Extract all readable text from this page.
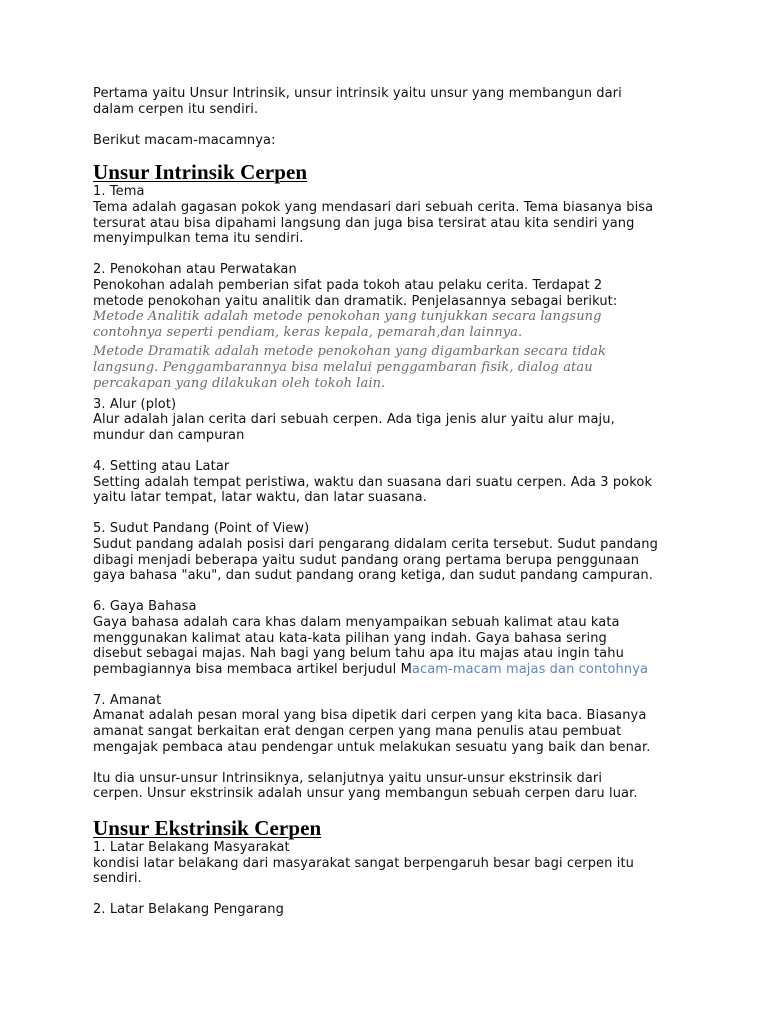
Pertama yaitu Unsur Intrinsik, unsur intrinsik yaitu unsur yang membangun dari
dalam cerpen itu sendiri.

Berikut macam-macamnya:

Unsur Intrinsik Cerpen

1. Tema
Tema adalah gagasan pokok yang mendasari dari sebuah cerita. Tema biasanya bisa
tersurat atau bisa dipahami langsung dan juga bisa tersirat atau kita sendiri yang
menyimpulkan tema itu sendiri.

2. Penokohan atau Perwatakan
Penokohan adalah pemberian sifat pada tokoh atau pelaku cerita. Terdapat 2
metode penokohan yaitu analitik dan dramatik. Penjelasannya sebagai berikut:

Metode Analitik adalah metode penokohan yang tunjukkan secara langsung
contohnya seperti pendiam, keras kepala, pemarah,dan lainnya.

Metode Dramatik adalah metode penokohan yang digambarkan secara tidak
langsung. Penggambarannya bisa melalui penggambaran fisik, dialog atau
percakapan yang dilakukan oleh tokoh lain.

3. Alur (plot)
Alur adalah jalan cerita dari sebuah cerpen. Ada tiga jenis alur yaitu alur maju,
mundur dan campuran

4. Setting atau Latar
Setting adalah tempat peristiwa, waktu dan suasana dari suatu cerpen. Ada 3 pokok
yaitu latar tempat, latar waktu, dan latar suasana.

5. Sudut Pandang (Point of View)
Sudut pandang adalah posisi dari pengarang didalam cerita tersebut. Sudut pandang
dibagi menjadi beberapa yaitu sudut pandang orang pertama berupa penggunaan
gaya bahasa "aku", dan sudut pandang orang ketiga, dan sudut pandang campuran.

6. Gaya Bahasa
Gaya bahasa adalah cara khas dalam menyampaikan sebuah kalimat atau kata
menggunakan kalimat atau kata-kata pilihan yang indah. Gaya bahasa sering
disebut sebagai majas. Nah bagi yang belum tahu apa itu majas atau ingin tahu
pembagiannya bisa membaca artikel berjudul Macam-macam majas dan contohnya

7. Amanat
Amanat adalah pesan moral yang bisa dipetik dari cerpen yang kita baca. Biasanya
amanat sangat berkaitan erat dengan cerpen yang mana penulis atau pembuat
mengajak pembaca atau pendengar untuk melakukan sesuatu yang baik dan benar.

Itu dia unsur-unsur Intrinsiknya, selanjutnya yaitu unsur-unsur ekstrinsik dari
cerpen. Unsur ekstrinsik adalah unsur yang membangun sebuah cerpen daru luar.

Unsur Ekstrinsik Cerpen

1. Latar Belakang Masyarakat
kondisi latar belakang dari masyarakat sangat berpengaruh besar bagi cerpen itu
sendiri.

2. Latar Belakang Pengarang
